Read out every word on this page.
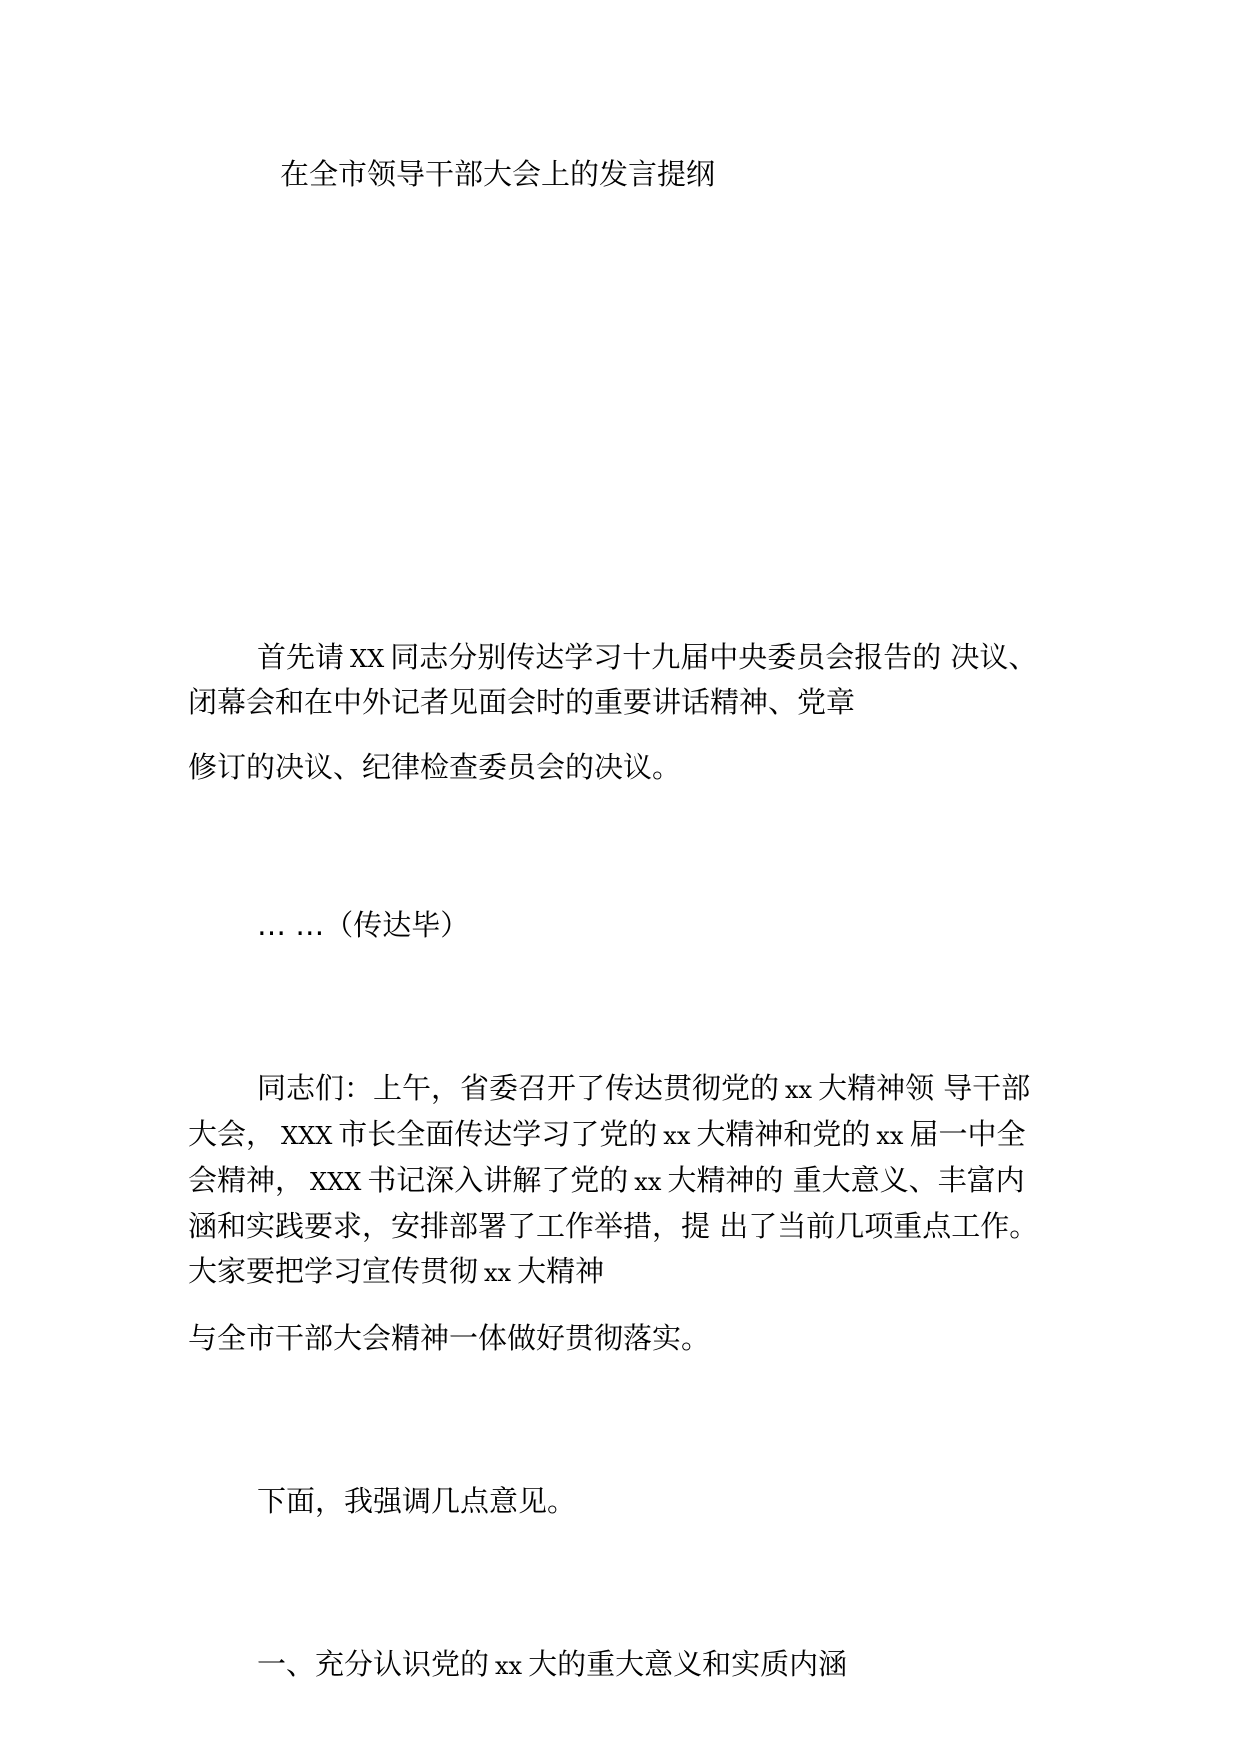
在全市领导干部大会上的发言提纲
首先请 XX 同志分别传达学习十九届中央委员会报告的 决议、
闭幕会和在中外记者见面会时的重要讲话精神、党章
修订的决议、纪律检查委员会的决议。
… …（传达毕）
同志们：上午，省委召开了传达贯彻党的 xx 大精神领 导干部
大会， XXX 市长全面传达学习了党的 xx 大精神和党的 xx 届一中全
会精神， XXX 书记深入讲解了党的 xx 大精神的 重大意义、丰富内
涵和实践要求，安排部署了工作举措，提 出了当前几项重点工作。
大家要把学习宣传贯彻 xx 大精神
与全市干部大会精神一体做好贯彻落实。
下面，我强调几点意见。
一、充分认识党的 xx 大的重大意义和实质内涵
